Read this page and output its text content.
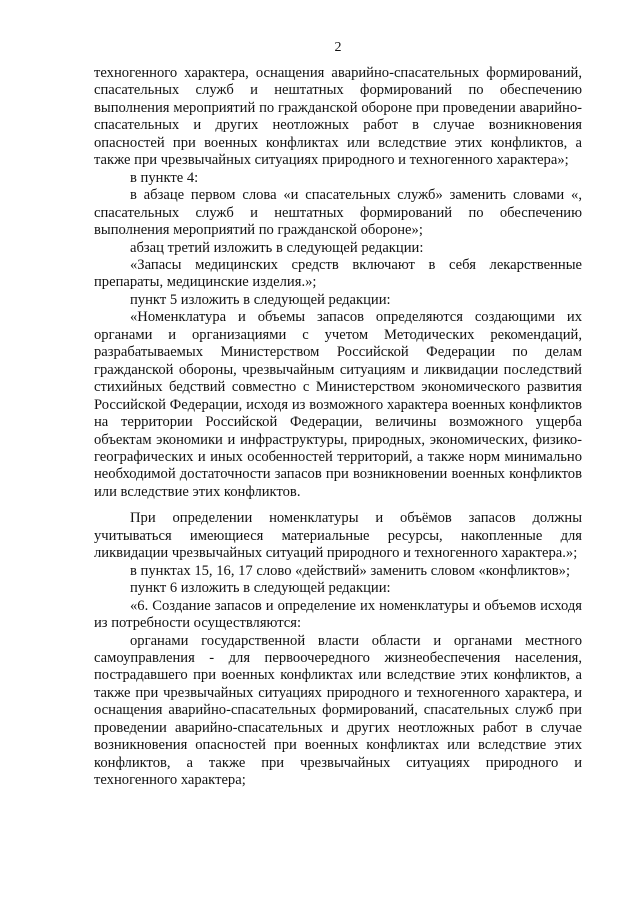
2

техногенного характера, оснащения аварийно-спасательных формирований, спасательных служб и нештатных формирований по обеспечению выполнения мероприятий по гражданской обороне при проведении аварийно-спасательных и других неотложных работ в случае возникновения опасностей при военных конфликтах или вследствие этих конфликтов, а также при чрезвычайных ситуациях природного и техногенного характера»;

в пункте 4:

в абзаце первом слова «и спасательных служб» заменить словами «, спасательных служб и нештатных формирований по обеспечению выполнения мероприятий по гражданской обороне»;

абзац третий изложить в следующей редакции:

«Запасы медицинских средств включают в себя лекарственные препараты, медицинские изделия.»;

пункт 5 изложить в следующей редакции:

«Номенклатура и объемы запасов определяются создающими их органами и организациями с учетом Методических рекомендаций, разрабатываемых Министерством Российской Федерации по делам гражданской обороны, чрезвычайным ситуациям и ликвидации последствий стихийных бедствий совместно с Министерством экономического развития Российской Федерации, исходя из возможного характера военных конфликтов на территории Российской Федерации, величины возможного ущерба объектам экономики и инфраструктуры, природных, экономических, физико-географических и иных особенностей территорий, а также норм минимально необходимой достаточности запасов при возникновении военных конфликтов или вследствие этих конфликтов.

При определении номенклатуры и объёмов запасов должны учитываться имеющиеся материальные ресурсы, накопленные для ликвидации чрезвычайных ситуаций природного и техногенного характера.»;

в пунктах 15, 16, 17 слово «действий» заменить словом «конфликтов»;

пункт 6 изложить в следующей редакции:

«6. Создание запасов и определение их номенклатуры и объемов исходя из потребности осуществляются:

органами государственной власти области и органами местного самоуправления - для первоочередного жизнеобеспечения населения, пострадавшего при военных конфликтах или вследствие этих конфликтов, а также при чрезвычайных ситуациях природного и техногенного характера, и оснащения аварийно-спасательных формирований, спасательных служб при проведении аварийно-спасательных и других неотложных работ в случае возникновения опасностей при военных конфликтах или вследствие этих конфликтов, а также при чрезвычайных ситуациях природного и техногенного характера;
